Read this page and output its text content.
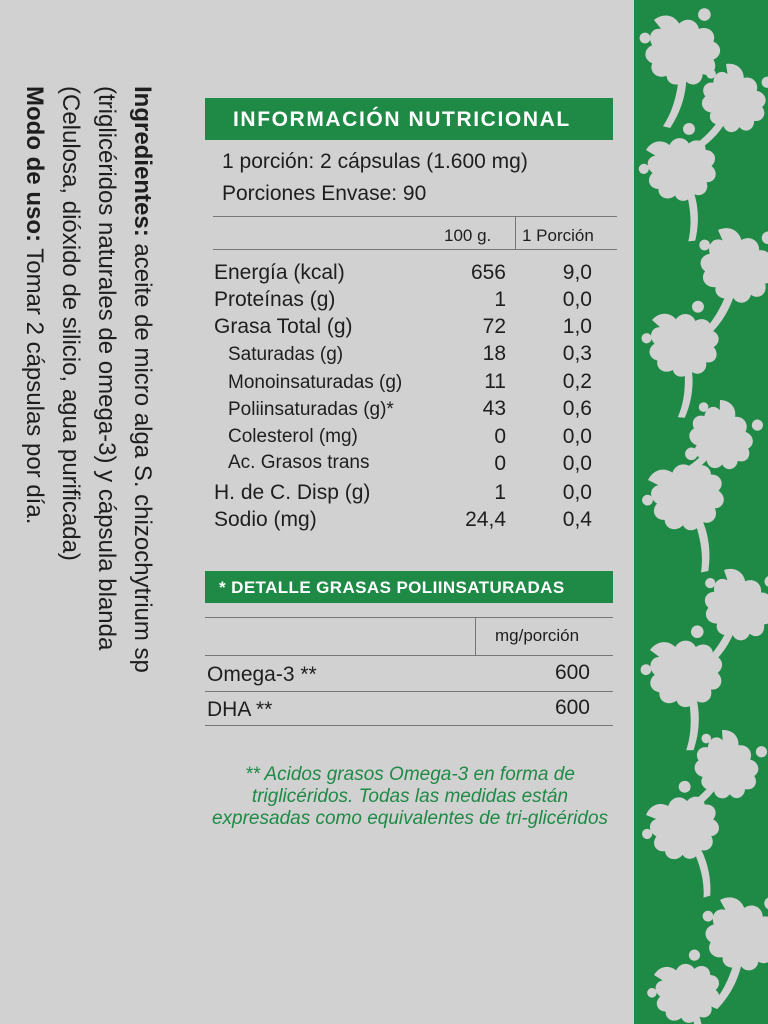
Ingredientes: aceite de micro alga S. chizochytrium sp (triglicéridos naturales de omega-3) y cápsula blanda (Celulosa, dióxido de silicio, agua purificada)

Modo de uso: Tomar 2 cápsulas por día.

INFORMACIÓN NUTRICIONAL
1 porción: 2 cápsulas (1.600 mg)
Porciones Envase: 90
100 g. 1 Porción
Energía (kcal)	656	9,0
Proteínas (g)	1	0,0
Grasa Total (g)	72	1,0
Saturadas (g)	18	0,3
Monoinsaturadas (g)	11	0,2
Poliinsaturadas (g)*	43	0,6
Colesterol (mg)	0	0,0
Ac. Grasos trans	0	0,0
H. de C. Disp (g)	1	0,0
Sodio (mg)	24,4	0,4
* DETALLE GRASAS POLIINSATURADAS
mg/porción
Omega-3 **	600
DHA **	600
** Acidos grasos Omega-3 en forma de triglicéridos. Todas las medidas están expresadas como equivalentes de tri-glicéridos
